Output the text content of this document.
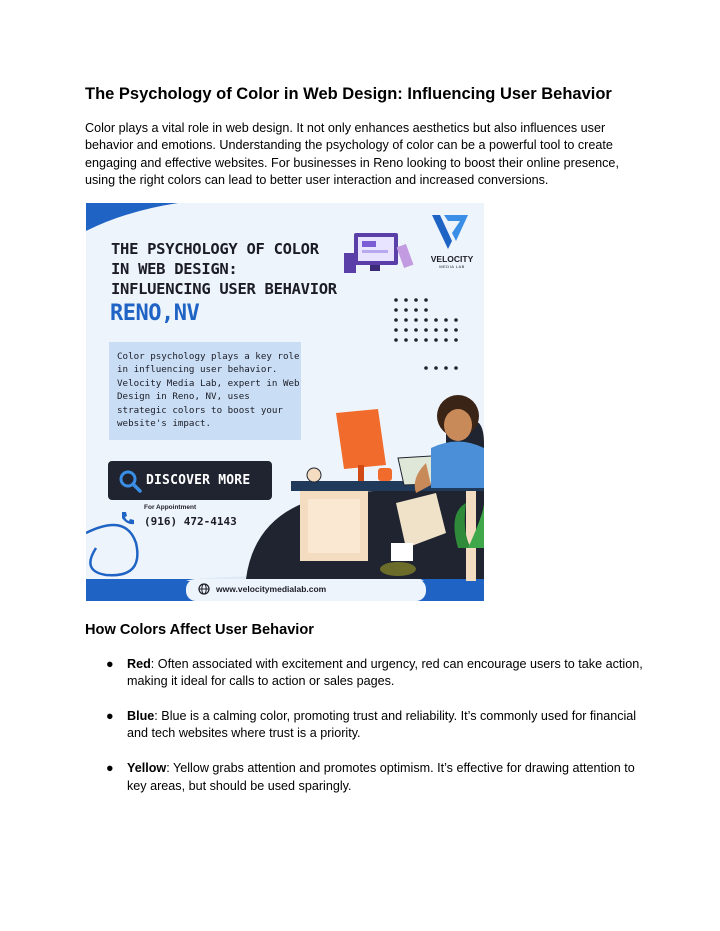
The Psychology of Color in Web Design: Influencing User Behavior

Color plays a vital role in web design. It not only enhances aesthetics but also influences user behavior and emotions. Understanding the psychology of color can be a powerful tool to create engaging and effective websites. For businesses in Reno looking to boost their online presence, using the right colors can lead to better user interaction and increased conversions.

THE PSYCHOLOGY OF COLOR
IN WEB DESIGN:
INFLUENCING USER BEHAVIOR
RENO,NV

Color psychology plays a key role
in influencing user behavior.
Velocity Media Lab, expert in Web
Design in Reno, NV, uses
strategic colors to boost your
website's impact.

DISCOVER MORE
For Appointment
(916) 472-4143
www.velocitymedialab.com
VELOCITY
MEDIA LAB
How Colors Affect User Behavior
● Red: Often associated with excitement and urgency, red can encourage users to take action, making it ideal for calls to action or sales pages.
● Blue: Blue is a calming color, promoting trust and reliability. It’s commonly used for financial and tech websites where trust is a priority.
● Yellow: Yellow grabs attention and promotes optimism. It’s effective for drawing attention to key areas, but should be used sparingly.
